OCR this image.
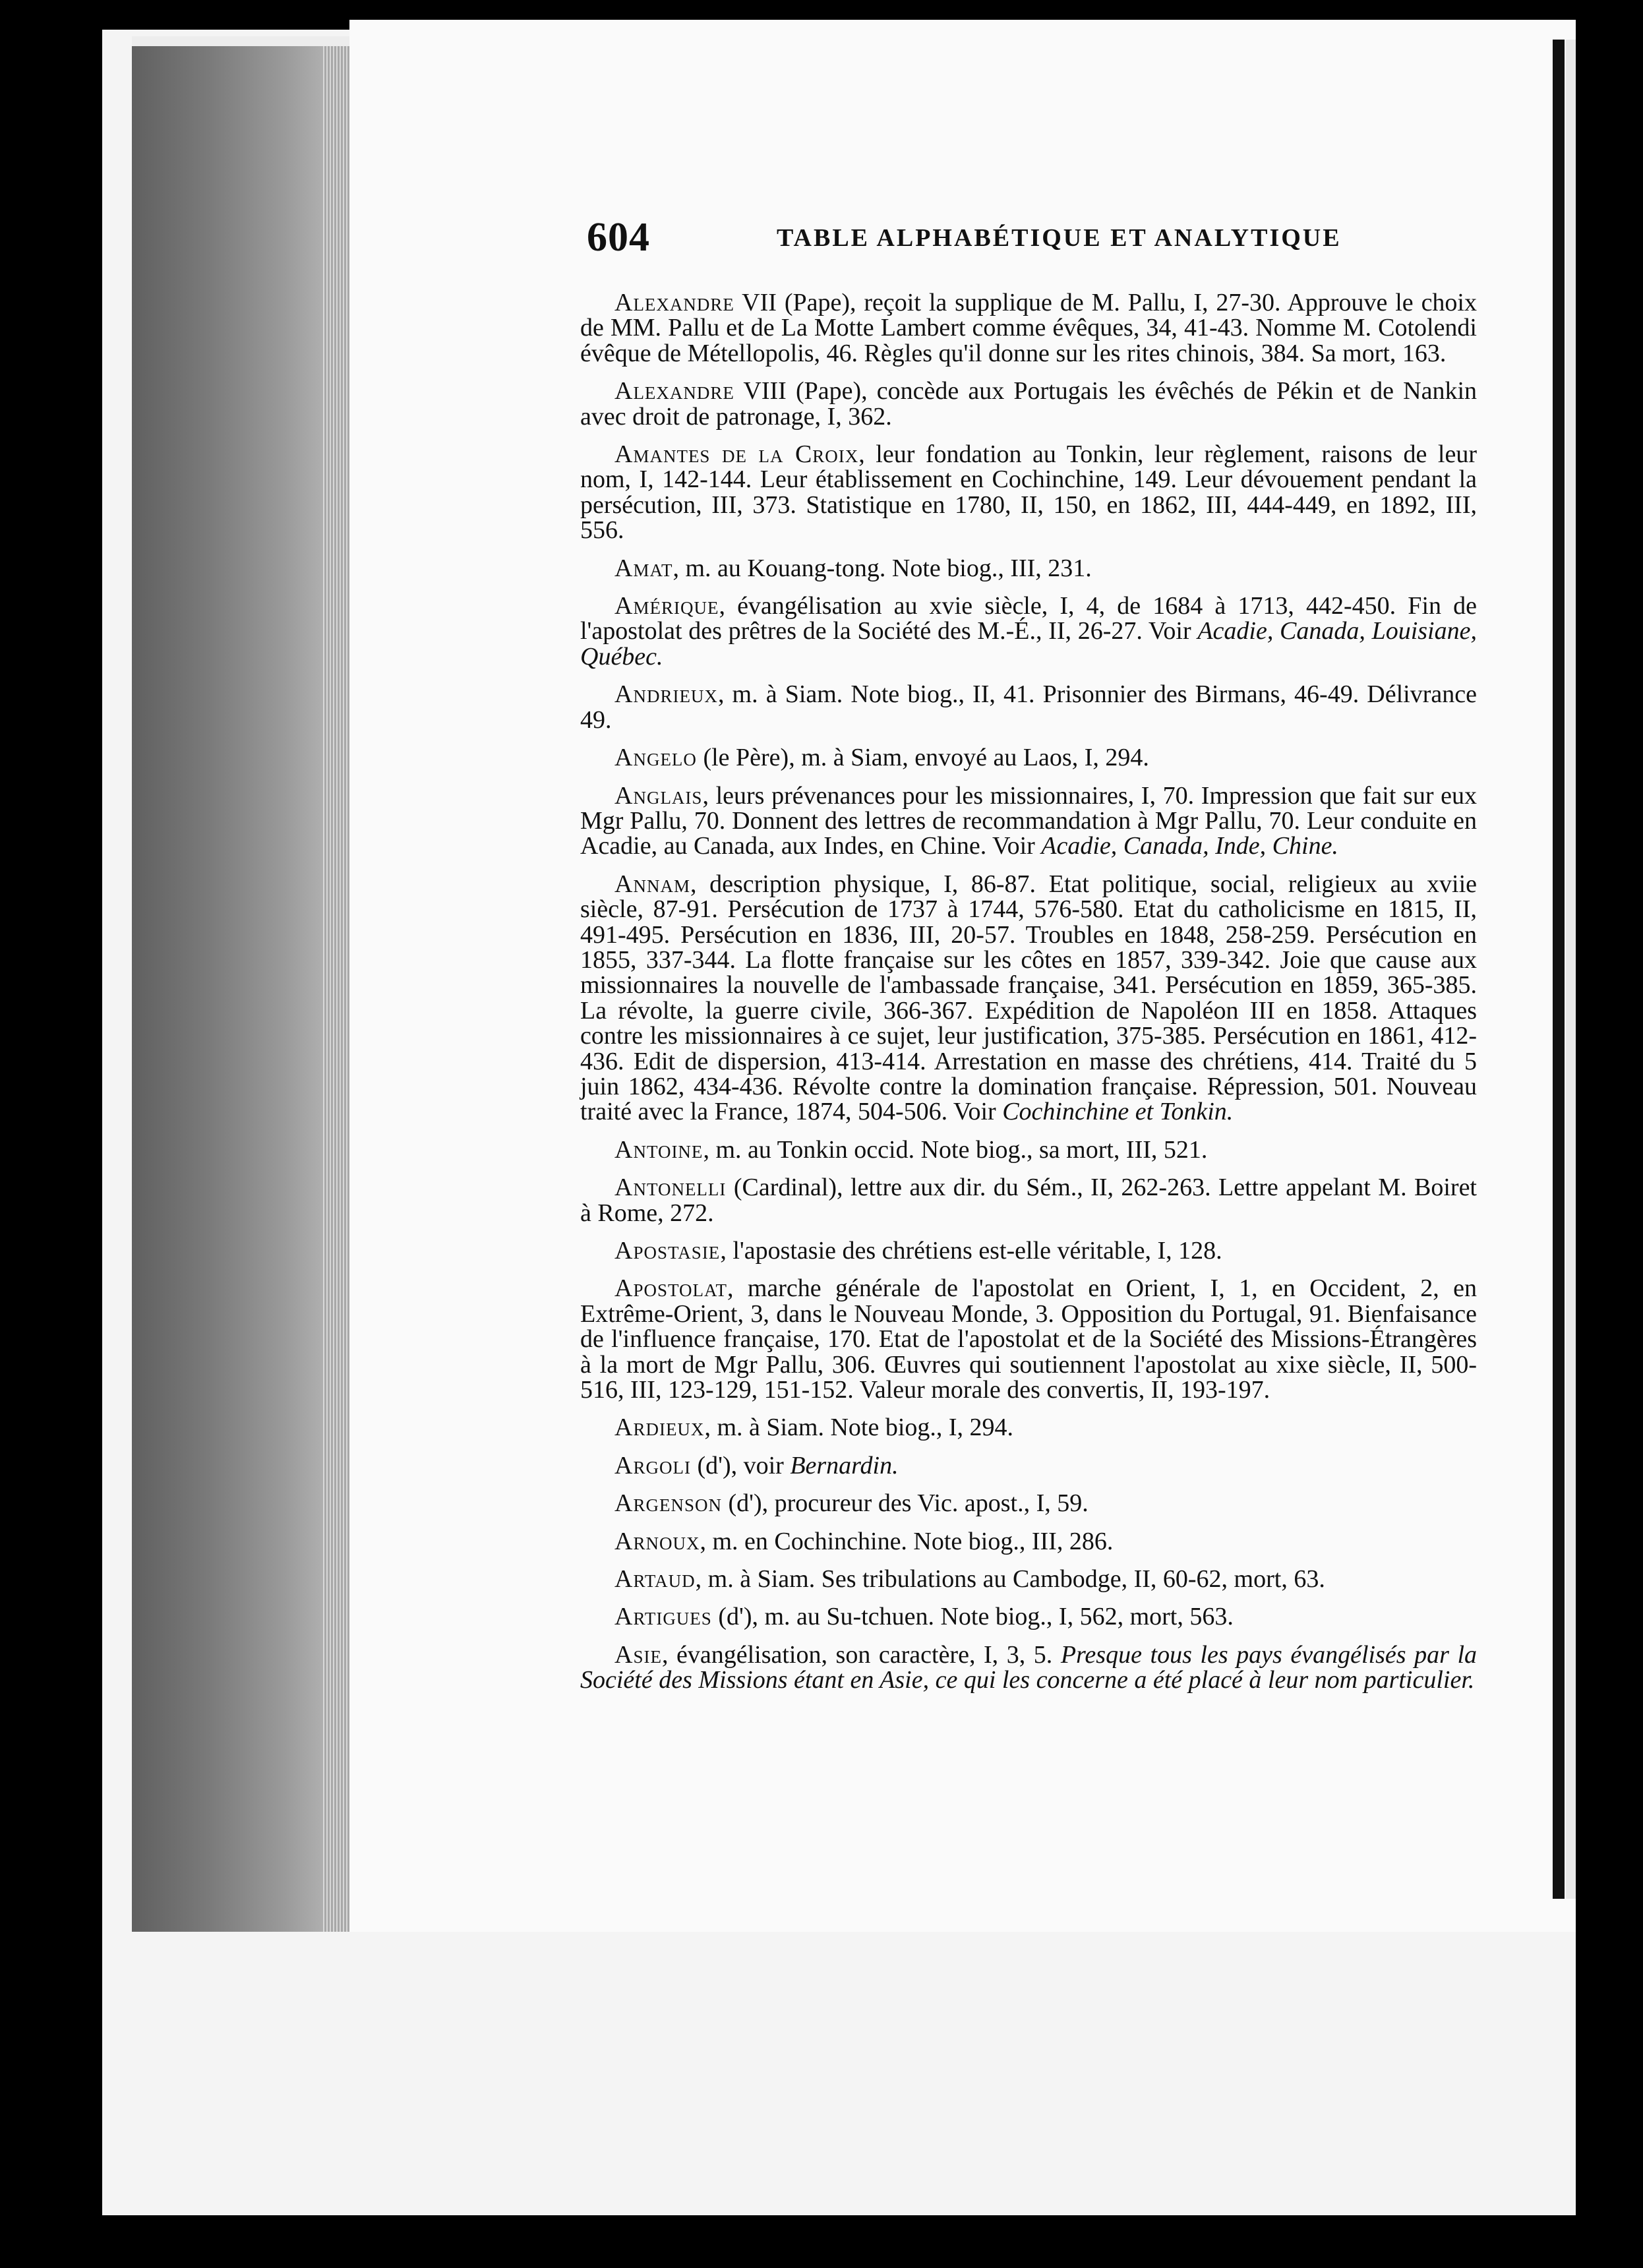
604	TABLE ALPHABÉTIQUE ET ANALYTIQUE

Alexandre VII (Pape), reçoit la supplique de M. Pallu, I, 27-30. Approuve le choix de MM. Pallu et de La Motte Lambert comme évêques, 34, 41-43. Nomme M. Cotolendi évêque de Métellopolis, 46. Règles qu'il donne sur les rites chinois, 384. Sa mort, 163.

Alexandre VIII (Pape), concède aux Portugais les évêchés de Pékin et de Nankin avec droit de patronage, I, 362.

Amantes de la Croix, leur fondation au Tonkin, leur règlement, raisons de leur nom, I, 142-144. Leur établissement en Cochinchine, 149. Leur dévouement pendant la persécution, III, 373. Statistique en 1780, II, 150, en 1862, III, 444-449, en 1892, III, 556.

Amat, m. au Kouang-tong. Note biog., III, 231.

Amérique, évangélisation au xvie siècle, I, 4, de 1684 à 1713, 442-450. Fin de l'apostolat des prêtres de la Société des M.-É., II, 26-27. Voir Acadie, Canada, Louisiane, Québec.

Andrieux, m. à Siam. Note biog., II, 41. Prisonnier des Birmans, 46-49. Délivrance 49.

Angelo (le Père), m. à Siam, envoyé au Laos, I, 294.

Anglais, leurs prévenances pour les missionnaires, I, 70. Impression que fait sur eux Mgr Pallu, 70. Donnent des lettres de recommandation à Mgr Pallu, 70. Leur conduite en Acadie, au Canada, aux Indes, en Chine. Voir Acadie, Canada, Inde, Chine.

Annam, description physique, I, 86-87. Etat politique, social, religieux au xviie siècle, 87-91. Persécution de 1737 à 1744, 576-580. Etat du catholicisme en 1815, II, 491-495. Persécution en 1836, III, 20-57. Troubles en 1848, 258-259. Persécution en 1855, 337-344. La flotte française sur les côtes en 1857, 339-342. Joie que cause aux missionnaires la nouvelle de l'ambassade française, 341. Persécution en 1859, 365-385. La révolte, la guerre civile, 366-367. Expédition de Napoléon III en 1858. Attaques contre les missionnaires à ce sujet, leur justification, 375-385. Persécution en 1861, 412-436. Edit de dispersion, 413-414. Arrestation en masse des chrétiens, 414. Traité du 5 juin 1862, 434-436. Révolte contre la domination française. Répression, 501. Nouveau traité avec la France, 1874, 504-506. Voir Cochinchine et Tonkin.

Antoine, m. au Tonkin occid. Note biog., sa mort, III, 521.

Antonelli (Cardinal), lettre aux dir. du Sém., II, 262-263. Lettre appelant M. Boiret à Rome, 272.

Apostasie, l'apostasie des chrétiens est-elle véritable, I, 128.

Apostolat, marche générale de l'apostolat en Orient, I, 1, en Occident, 2, en Extrême-Orient, 3, dans le Nouveau Monde, 3. Opposition du Portugal, 91. Bienfaisance de l'influence française, 170. Etat de l'apostolat et de la Société des Missions-Étrangères à la mort de Mgr Pallu, 306. Œuvres qui soutiennent l'apostolat au xixe siècle, II, 500-516, III, 123-129, 151-152. Valeur morale des convertis, II, 193-197.

Ardieux, m. à Siam. Note biog., I, 294.

Argoli (d'), voir Bernardin.

Argenson (d'), procureur des Vic. apost., I, 59.

Arnoux, m. en Cochinchine. Note biog., III, 286.

Artaud, m. à Siam. Ses tribulations au Cambodge, II, 60-62, mort, 63.

Artigues (d'), m. au Su-tchuen. Note biog., I, 562, mort, 563.

Asie, évangélisation, son caractère, I, 3, 5. Presque tous les pays évangélisés par la Société des Missions étant en Asie, ce qui les concerne a été placé à leur nom particulier.
